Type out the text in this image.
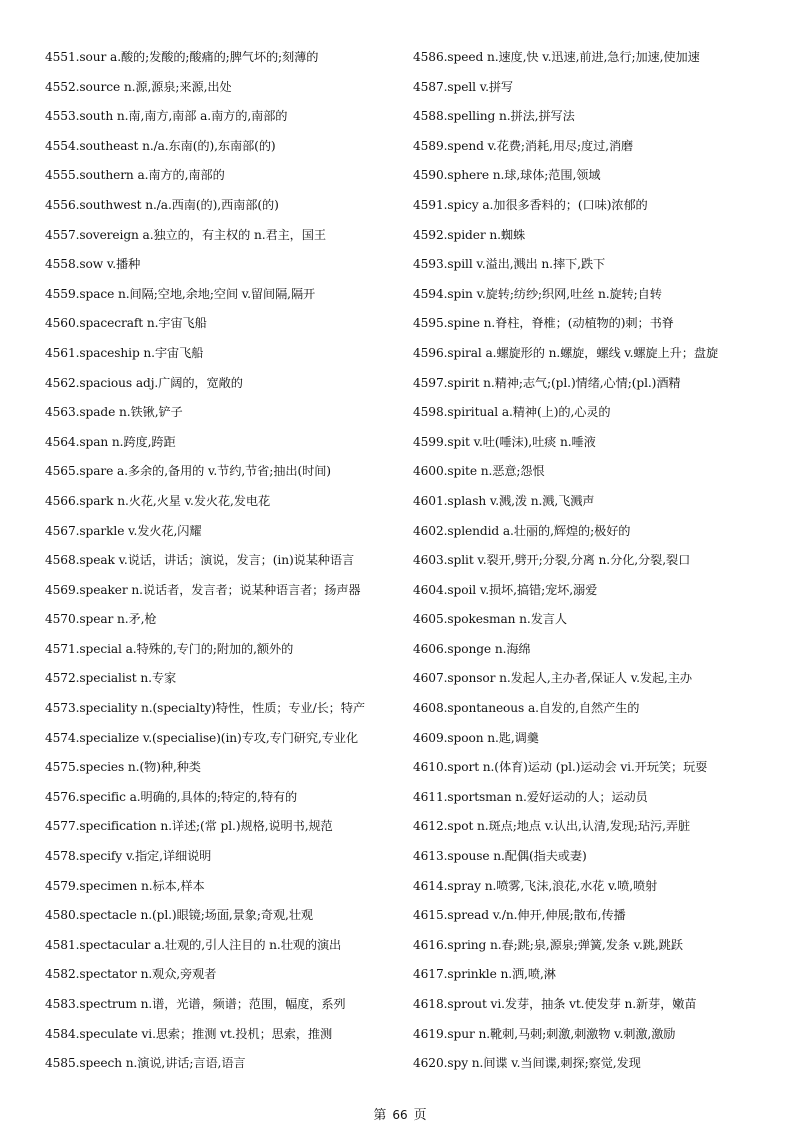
4551.sour a.酸的;发酸的;酸痛的;脾气坏的;刻薄的
4552.source n.源,源泉;来源,出处
4553.south n.南,南方,南部 a.南方的,南部的
4554.southeast n./a.东南(的),东南部(的)
4555.southern a.南方的,南部的
4556.southwest n./a.西南(的),西南部(的)
4557.sovereign a.独立的，有主权的 n.君主，国王
4558.sow v.播种
4559.space n.间隔;空地,余地;空间 v.留间隔,隔开
4560.spacecraft n.宇宙飞船
4561.spaceship n.宇宙飞船
4562.spacious adj.广阔的，宽敞的
4563.spade n.铁锹,铲子
4564.span n.跨度,跨距
4565.spare a.多余的,备用的 v.节约,节省;抽出(时间)
4566.spark n.火花,火星 v.发火花,发电花
4567.sparkle v.发火花,闪耀
4568.speak v.说话，讲话；演说，发言；(in)说某种语言
4569.speaker n.说话者，发言者；说某种语言者；扬声器
4570.spear n.矛,枪
4571.special a.特殊的,专门的;附加的,额外的
4572.specialist n.专家
4573.speciality n.(specialty)特性，性质；专业/长；特产
4574.specialize v.(specialise)(in)专攻,专门研究,专业化
4575.species n.(物)种,种类
4576.specific a.明确的,具体的;特定的,特有的
4577.specification n.详述;(常 pl.)规格,说明书,规范
4578.specify v.指定,详细说明
4579.specimen n.标本,样本
4580.spectacle n.(pl.)眼镜;场面,景象;奇观,壮观
4581.spectacular a.壮观的,引人注目的 n.壮观的演出
4582.spectator n.观众,旁观者
4583.spectrum n.谱，光谱，频谱；范围，幅度，系列
4584.speculate vi.思索；推测 vt.投机；思索，推测
4585.speech n.演说,讲话;言语,语言
4586.speed n.速度,快 v.迅速,前进,急行;加速,使加速
4587.spell v.拼写
4588.spelling n.拼法,拼写法
4589.spend v.花费;消耗,用尽;度过,消磨
4590.sphere n.球,球体;范围,领域
4591.spicy a.加很多香料的；(口味)浓郁的
4592.spider n.蜘蛛
4593.spill v.溢出,溅出 n.摔下,跌下
4594.spin v.旋转;纺纱;织网,吐丝 n.旋转;自转
4595.spine n.脊柱，脊椎；(动植物的)刺；书脊
4596.spiral a.螺旋形的 n.螺旋，螺线 v.螺旋上升；盘旋
4597.spirit n.精神;志气;(pl.)情绪,心情;(pl.)酒精
4598.spiritual a.精神(上)的,心灵的
4599.spit v.吐(唾沫),吐痰 n.唾液
4600.spite n.恶意;怨恨
4601.splash v.溅,泼 n.溅,飞溅声
4602.splendid a.壮丽的,辉煌的;极好的
4603.split v.裂开,劈开;分裂,分离 n.分化,分裂,裂口
4604.spoil v.损坏,搞错;宠坏,溺爱
4605.spokesman n.发言人
4606.sponge n.海绵
4607.sponsor n.发起人,主办者,保证人 v.发起,主办
4608.spontaneous a.自发的,自然产生的
4609.spoon n.匙,调羹
4610.sport n.(体育)运动 (pl.)运动会 vi.开玩笑；玩耍
4611.sportsman n.爱好运动的人；运动员
4612.spot n.斑点;地点 v.认出,认清,发现;玷污,弄脏
4613.spouse n.配偶(指夫或妻)
4614.spray n.喷雾,飞沫,浪花,水花 v.喷,喷射
4615.spread v./n.伸开,伸展;散布,传播
4616.spring n.春;跳;泉,源泉;弹簧,发条 v.跳,跳跃
4617.sprinkle n.洒,喷,淋
4618.sprout vi.发芽，抽条 vt.使发芽 n.新芽，嫩苗
4619.spur n.靴刺,马刺;刺激,刺激物 v.刺激,激励
4620.spy n.间谍 v.当间谍,刺探;察觉,发现
第 66 页
